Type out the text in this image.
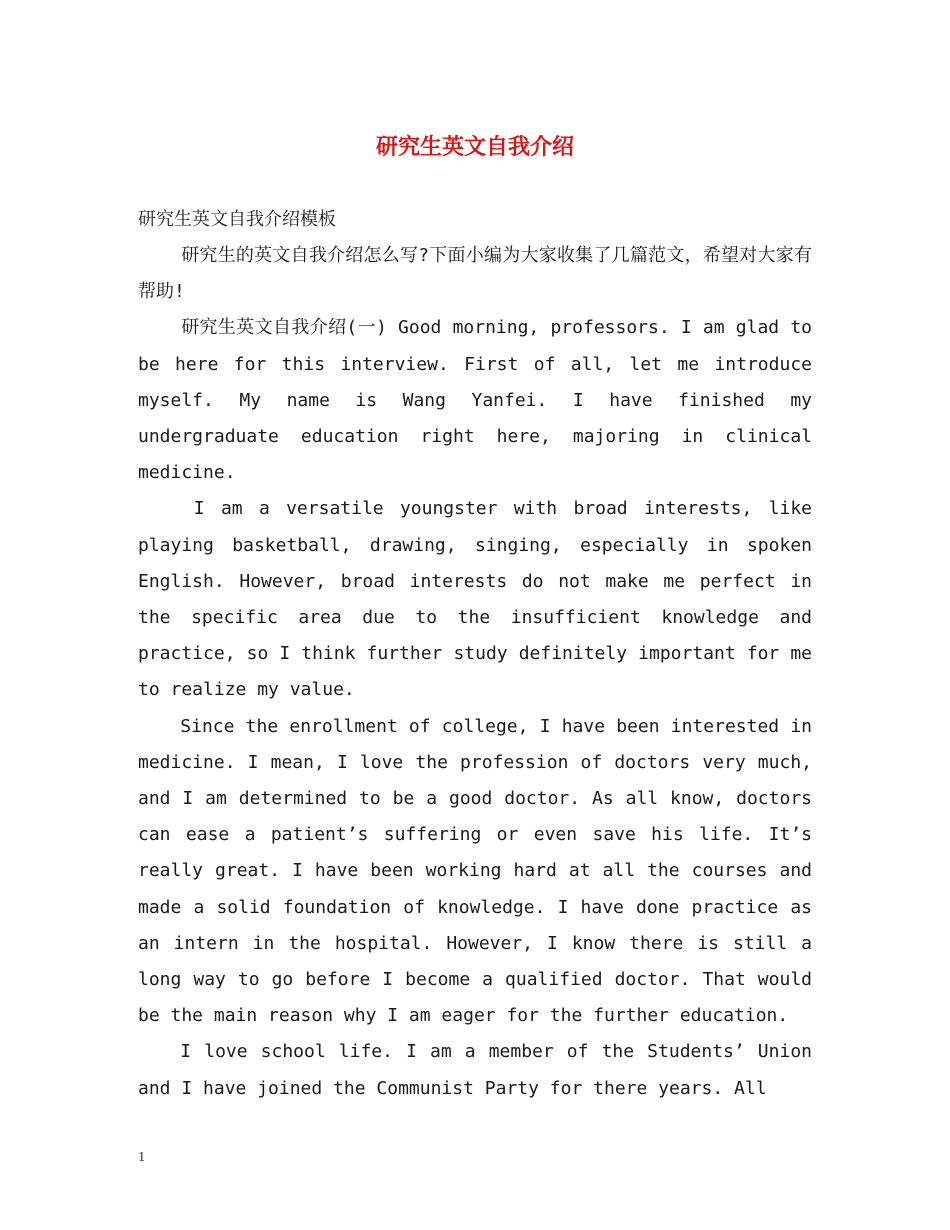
研究生英文自我介绍

研究生英文自我介绍模板

研究生的英文自我介绍怎么写?下面小编为大家收集了几篇范文，希望对大家有帮助!

研究生英文自我介绍(一) Good morning, professors. I am glad to be here for this interview. First of all, let me introduce myself. My name is Wang Yanfei. I have finished my undergraduate education right here, majoring in clinical medicine.

I am a versatile youngster with broad interests, like playing basketball, drawing, singing, especially in spoken English. However, broad interests do not make me perfect in the specific area due to the insufficient knowledge and practice, so I think further study definitely important for me to realize my value.

Since the enrollment of college, I have been interested in medicine. I mean, I love the profession of doctors very much, and I am determined to be a good doctor. As all know, doctors can ease a patient’s suffering or even save his life. It’s really great. I have been working hard at all the courses and made a solid foundation of knowledge. I have done practice as an intern in the hospital. However, I know there is still a long way to go before I become a qualified doctor. That would be the main reason why I am eager for the further education.

I love school life. I am a member of the Students’ Union and I have joined the Communist Party for there years. All

1
